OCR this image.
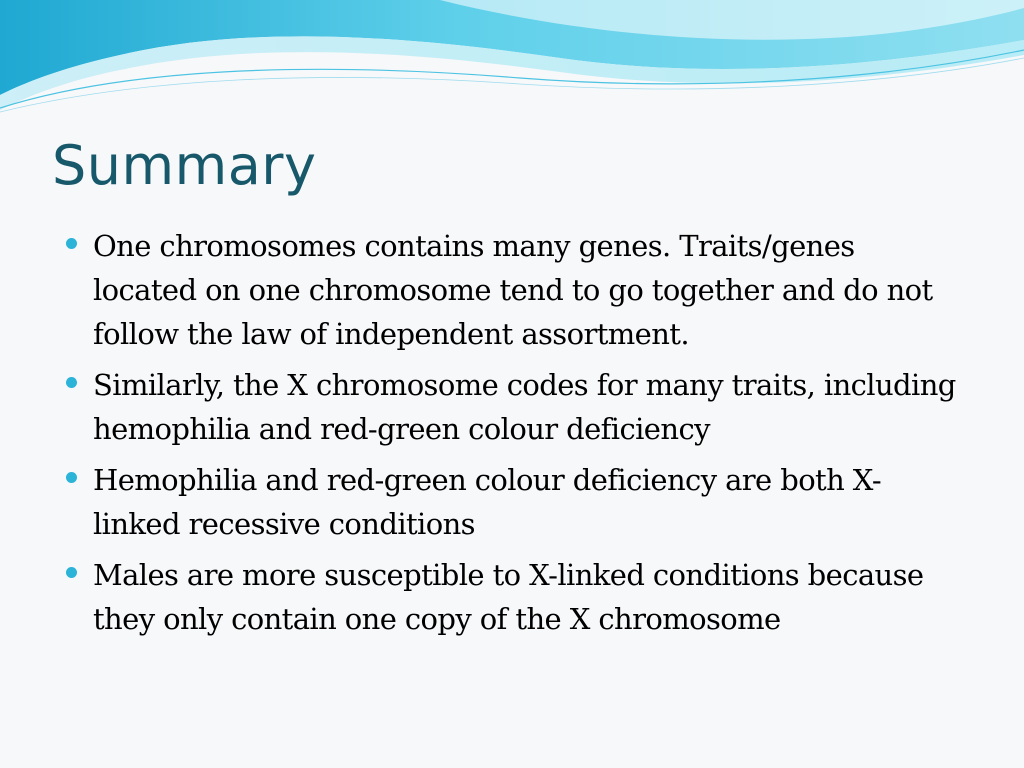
Summary
One chromosomes contains many genes. Traits/genes located on one chromosome tend to go together and do not follow the law of independent assortment.
Similarly, the X chromosome codes for many traits, including hemophilia and red-green colour deficiency
Hemophilia and red-green colour deficiency are both X-linked recessive conditions
Males are more susceptible to X-linked conditions because they only contain one copy of the X chromosome
